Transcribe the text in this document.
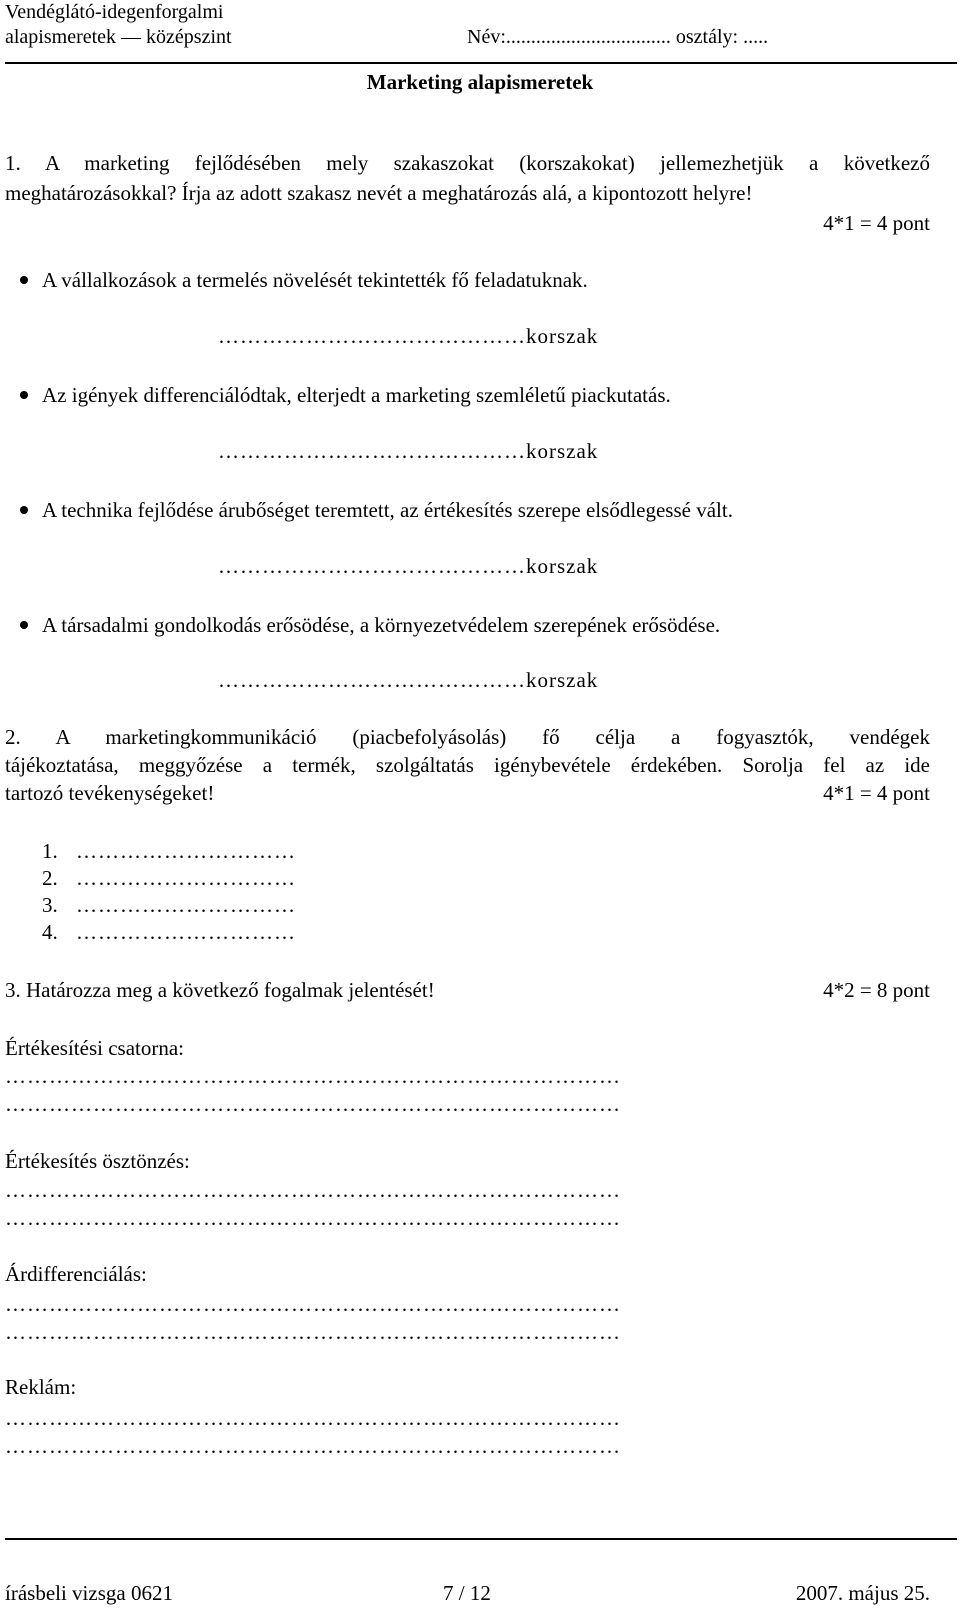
Vendéglátó-idegenforgalmi
alapismeretek — középszint	Név:................................. osztály: .....
Marketing alapismeretek
1. A marketing fejlődésében mely szakaszokat (korszakokat) jellemezhetjük a következő
meghatározásokkal? Írja az adott szakasz nevét a meghatározás alá, a kipontozott helyre!
4*1 = 4 pont
A vállalkozások a termelés növelését tekintették fő feladatuknak.
……………………………………korszak
Az igények differenciálódtak, elterjedt a marketing szemléletű piackutatás.
……………………………………korszak
A technika fejlődése árubőséget teremtett, az értékesítés szerepe elsődlegessé vált.
……………………………………korszak
A társadalmi gondolkodás erősödése, a környezetvédelem szerepének erősödése.
……………………………………korszak
2. A marketingkommunikáció (piacbefolyásolás) fő célja a fogyasztók, vendégek
tájékoztatása, meggyőzése a termék, szolgáltatás igénybevétele érdekében. Sorolja fel az ide
tartozó tevékenységeket!	4*1 = 4 pont
1. …………………………
2. …………………………
3. …………………………
4. …………………………
3. Határozza meg a következő fogalmak jelentését!	4*2 = 8 pont
Értékesítési csatorna:
…………………………………………………………………………
…………………………………………………………………………
Értékesítés ösztönzés:
…………………………………………………………………………
…………………………………………………………………………
Árdifferenciálás:
…………………………………………………………………………
…………………………………………………………………………
Reklám:
…………………………………………………………………………
…………………………………………………………………………
írásbeli vizsga 0621	7 / 12	2007. május 25.
